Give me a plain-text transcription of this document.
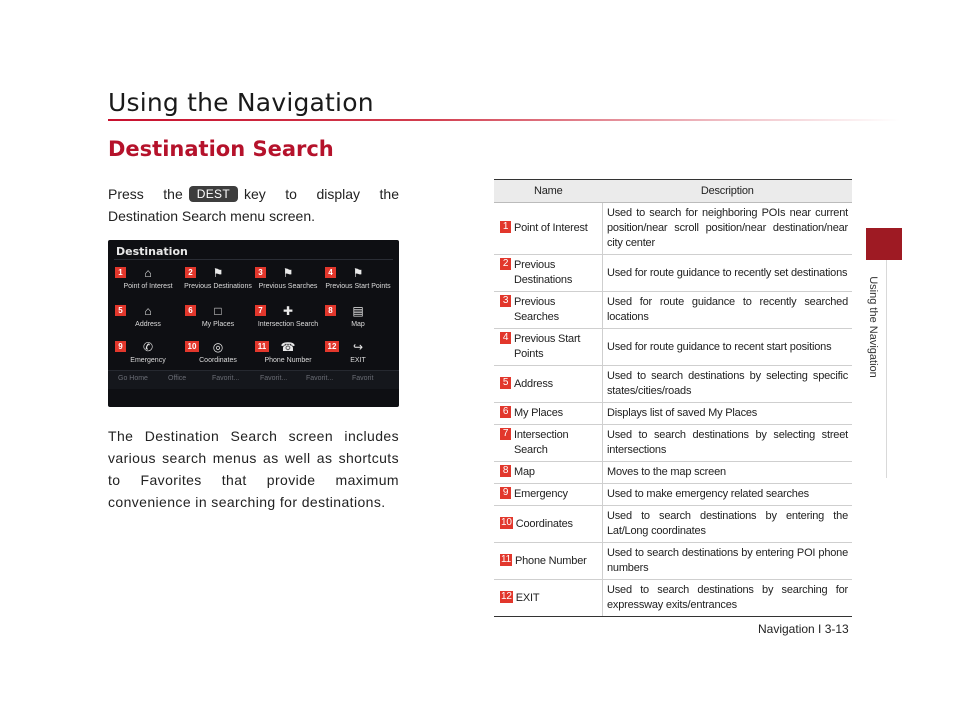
Using the Navigation
Destination Search
Using the Navigation
Press the DEST key to display the Destination Search menu screen.
Destination
1	⌂
Point of Interest
2 ⚑
Previous Destinations
3 ⚑
Previous Searches
4 ⚑
Previous Start Points
5	⌂
Address
6	□
My Places
7 ✚
Intersection Search
8 ▤
Map
9 ✆
Emergency
10 ◎
Coordinates
11 ☎
Phone Number
12 ↪
EXIT
Go Home	Office	Favorit...	Favorit...	Favorit...	Favorit
The Destination Search screen includes various search menus as well as shortcuts to Favorites that provide maximum convenience in searching for destinations.
Name	Description

1 Point of Interest	Used to search for neighboring POIs near current position/near scroll position/near destination/near city center

2 Previous Destinations	Used for route guidance to recently set destinations

3 Previous Searches	Used for route guidance to recently searched locations

4 Previous Start Points	Used for route guidance to recent start positions

5 Address	Used to search destinations by selecting specific states/cities/roads

6 My Places	Displays list of saved My Places

7 Intersection Search	Used to search destinations by selecting street intersections

8 Map	Moves to the map screen

9 Emergency	Used to make emergency related searches

10 Coordinates	Used to search destinations by entering the Lat/Long coordinates

11 Phone Number	Used to search destinations by entering POI phone numbers

12 EXIT	Used to search destinations by searching for expressway exits/entrances
Navigation I 3-13
